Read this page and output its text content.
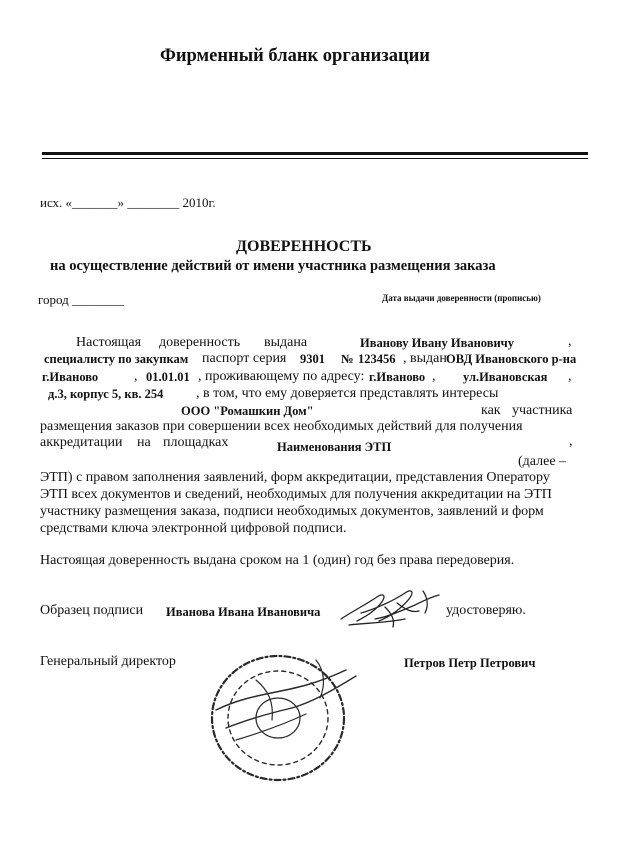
Фирменный бланк организации
исх. «_______» ________ 2010г.
ДОВЕРЕННОСТЬ
на осуществление действий от имени участника размещения заказа
город ________	Дата выдачи доверенности (прописью)
Настоящая доверенность выдана	Иванову Ивану Ивановичу	,
специалисту по закупкам паспорт серия 9301 № 123456 , выдан ОВД Ивановского р-на
г.Иваново	, 01.01.01 , проживающему по адресу: г.Иваново , ул.Ивановская ,
д.3, корпус 5, кв. 254 , в том, что ему доверяется представлять интересы
ООО "Ромашкин Дом"	как участника
размещения заказов при совершении всех необходимых действий для получения
аккредитации на площадках	Наименования ЭТП	,
(далее –
ЭТП) с правом заполнения заявлений, форм аккредитации, представления Оператору
ЭТП всех документов и сведений, необходимых для получения аккредитации на ЭТП
участнику размещения заказа, подписи необходимых документов, заявлений и форм
средствами ключа электронной цифровой подписи.
Настоящая доверенность выдана сроком на 1 (один) год без права передоверия.
Образец подписи Иванова Ивана Ивановича	удостоверяю.
Генеральный директор	Петров Петр Петрович
